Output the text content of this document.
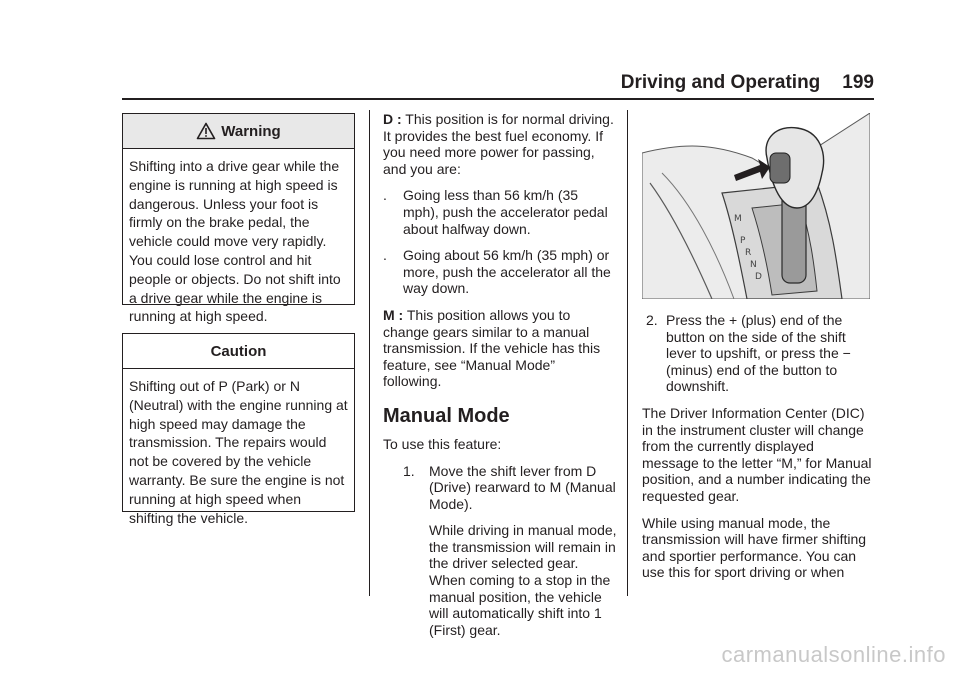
Driving and Operating 199
Warning
Shifting into a drive gear while the engine is running at high speed is dangerous. Unless your foot is firmly on the brake pedal, the vehicle could move very rapidly. You could lose control and hit people or objects. Do not shift into a drive gear while the engine is running at high speed.
Caution
Shifting out of P (Park) or N (Neutral) with the engine running at high speed may damage the transmission. The repairs would not be covered by the vehicle warranty. Be sure the engine is not running at high speed when shifting the vehicle.

D : This position is for normal driving. It provides the best fuel economy. If you need more power for passing, and you are:

. Going less than 56 km/h (35 mph), push the accelerator pedal about halfway down.
. Going about 56 km/h (35 mph) or more, push the accelerator all the way down.

M : This position allows you to change gears similar to a manual transmission. If the vehicle has this feature, see “Manual Mode” following.

Manual Mode

To use this feature:

1. Move the shift lever from D (Drive) rearward to M (Manual Mode).

While driving in manual mode, the transmission will remain in the driver selected gear. When coming to a stop in the manual position, the vehicle will automatically shift into 1 (First) gear.

M
P
R
N
D
2. Press the + (plus) end of the button on the side of the shift lever to upshift, or press the − (minus) end of the button to downshift.

The Driver Information Center (DIC) in the instrument cluster will change from the currently displayed message to the letter “M,” for Manual position, and a number indicating the requested gear.

While using manual mode, the transmission will have firmer shifting and sportier performance. You can use this for sport driving or when

carmanualsonline.info
